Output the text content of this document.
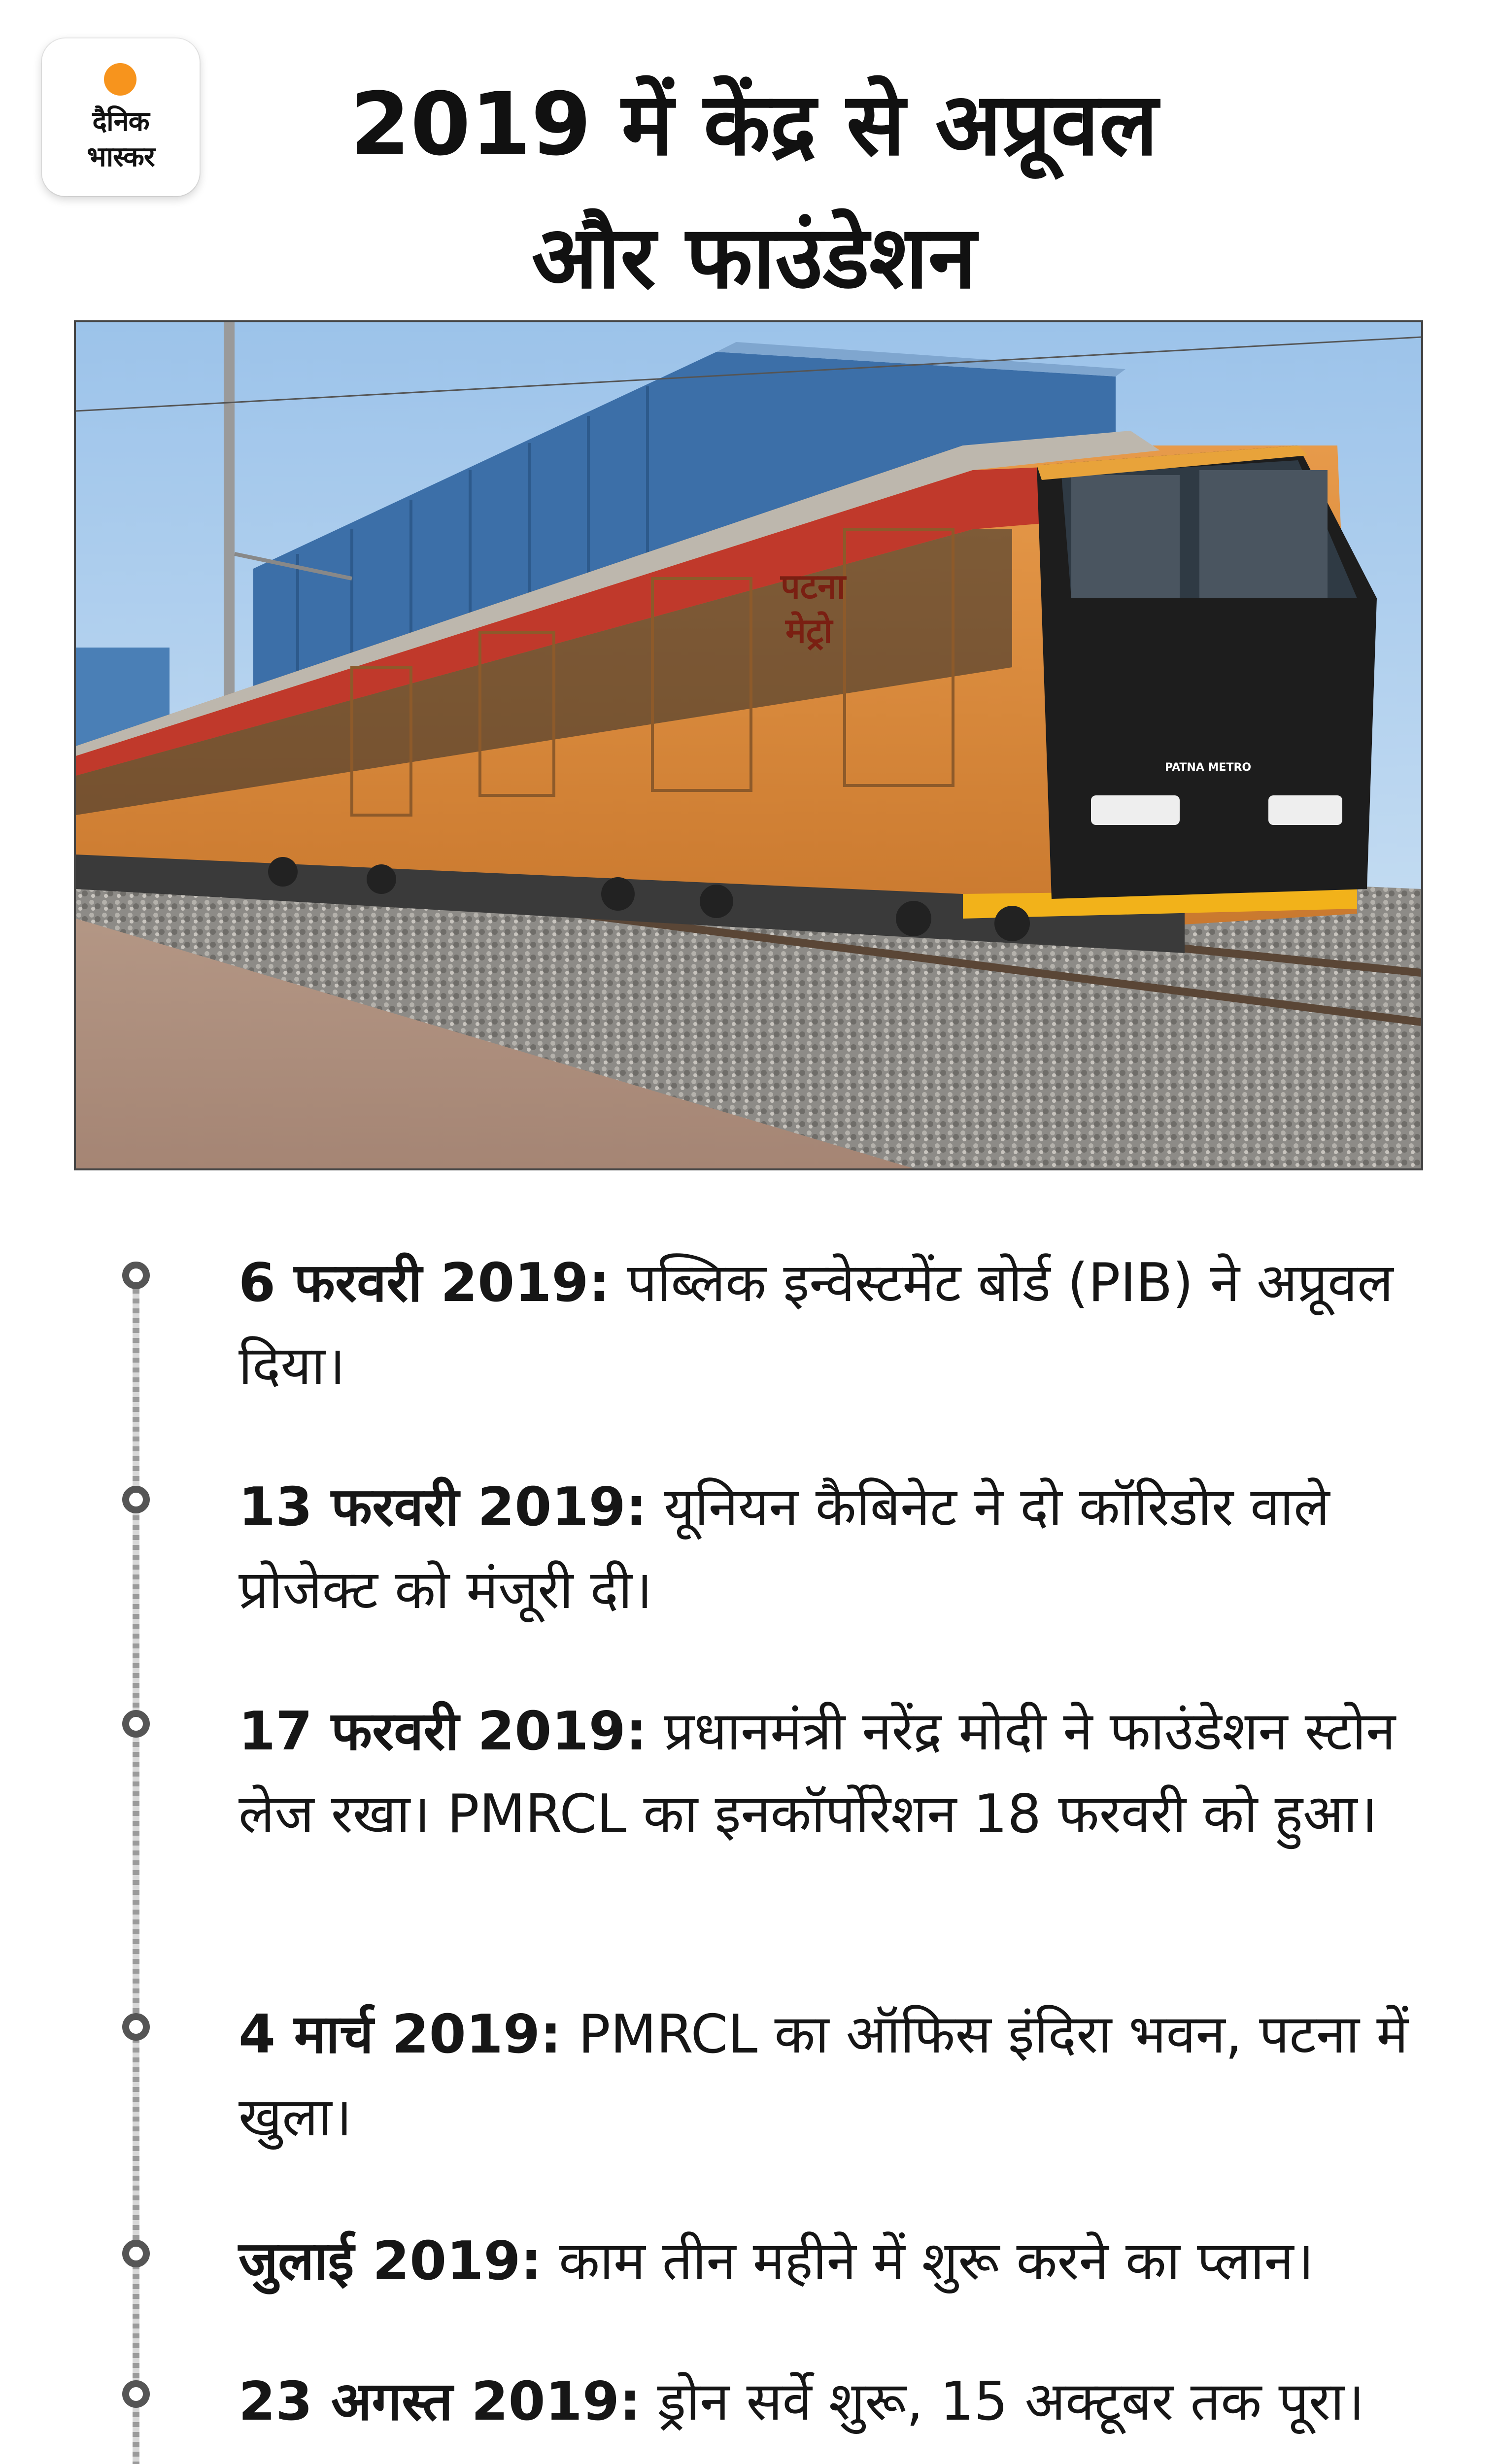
दैनिक
भास्कर	2019 में केंद्र से अप्रूवल
और फाउंडेशन
पटना
मेट्रो
PATNA METRO

6 फरवरी 2019: पब्लिक इन्वेस्टमेंट बोर्ड (PIB) ने अप्रूवल दिया।

13 फरवरी 2019: यूनियन कैबिनेट ने दो कॉरिडोर वाले प्रोजेक्ट को मंजूरी दी।

17 फरवरी 2019: प्रधानमंत्री नरेंद्र मोदी ने फाउंडेशन स्टोन लेज रखा। PMRCL का इनकॉर्पोरेशन 18 फरवरी को हुआ।

4 मार्च 2019: PMRCL का ऑफिस इंदिरा भवन, पटना में खुला।

जुलाई 2019: काम तीन महीने में शुरू करने का प्लान।

23 अगस्त 2019: ड्रोन सर्वे शुरू, 15 अक्टूबर तक पूरा।
